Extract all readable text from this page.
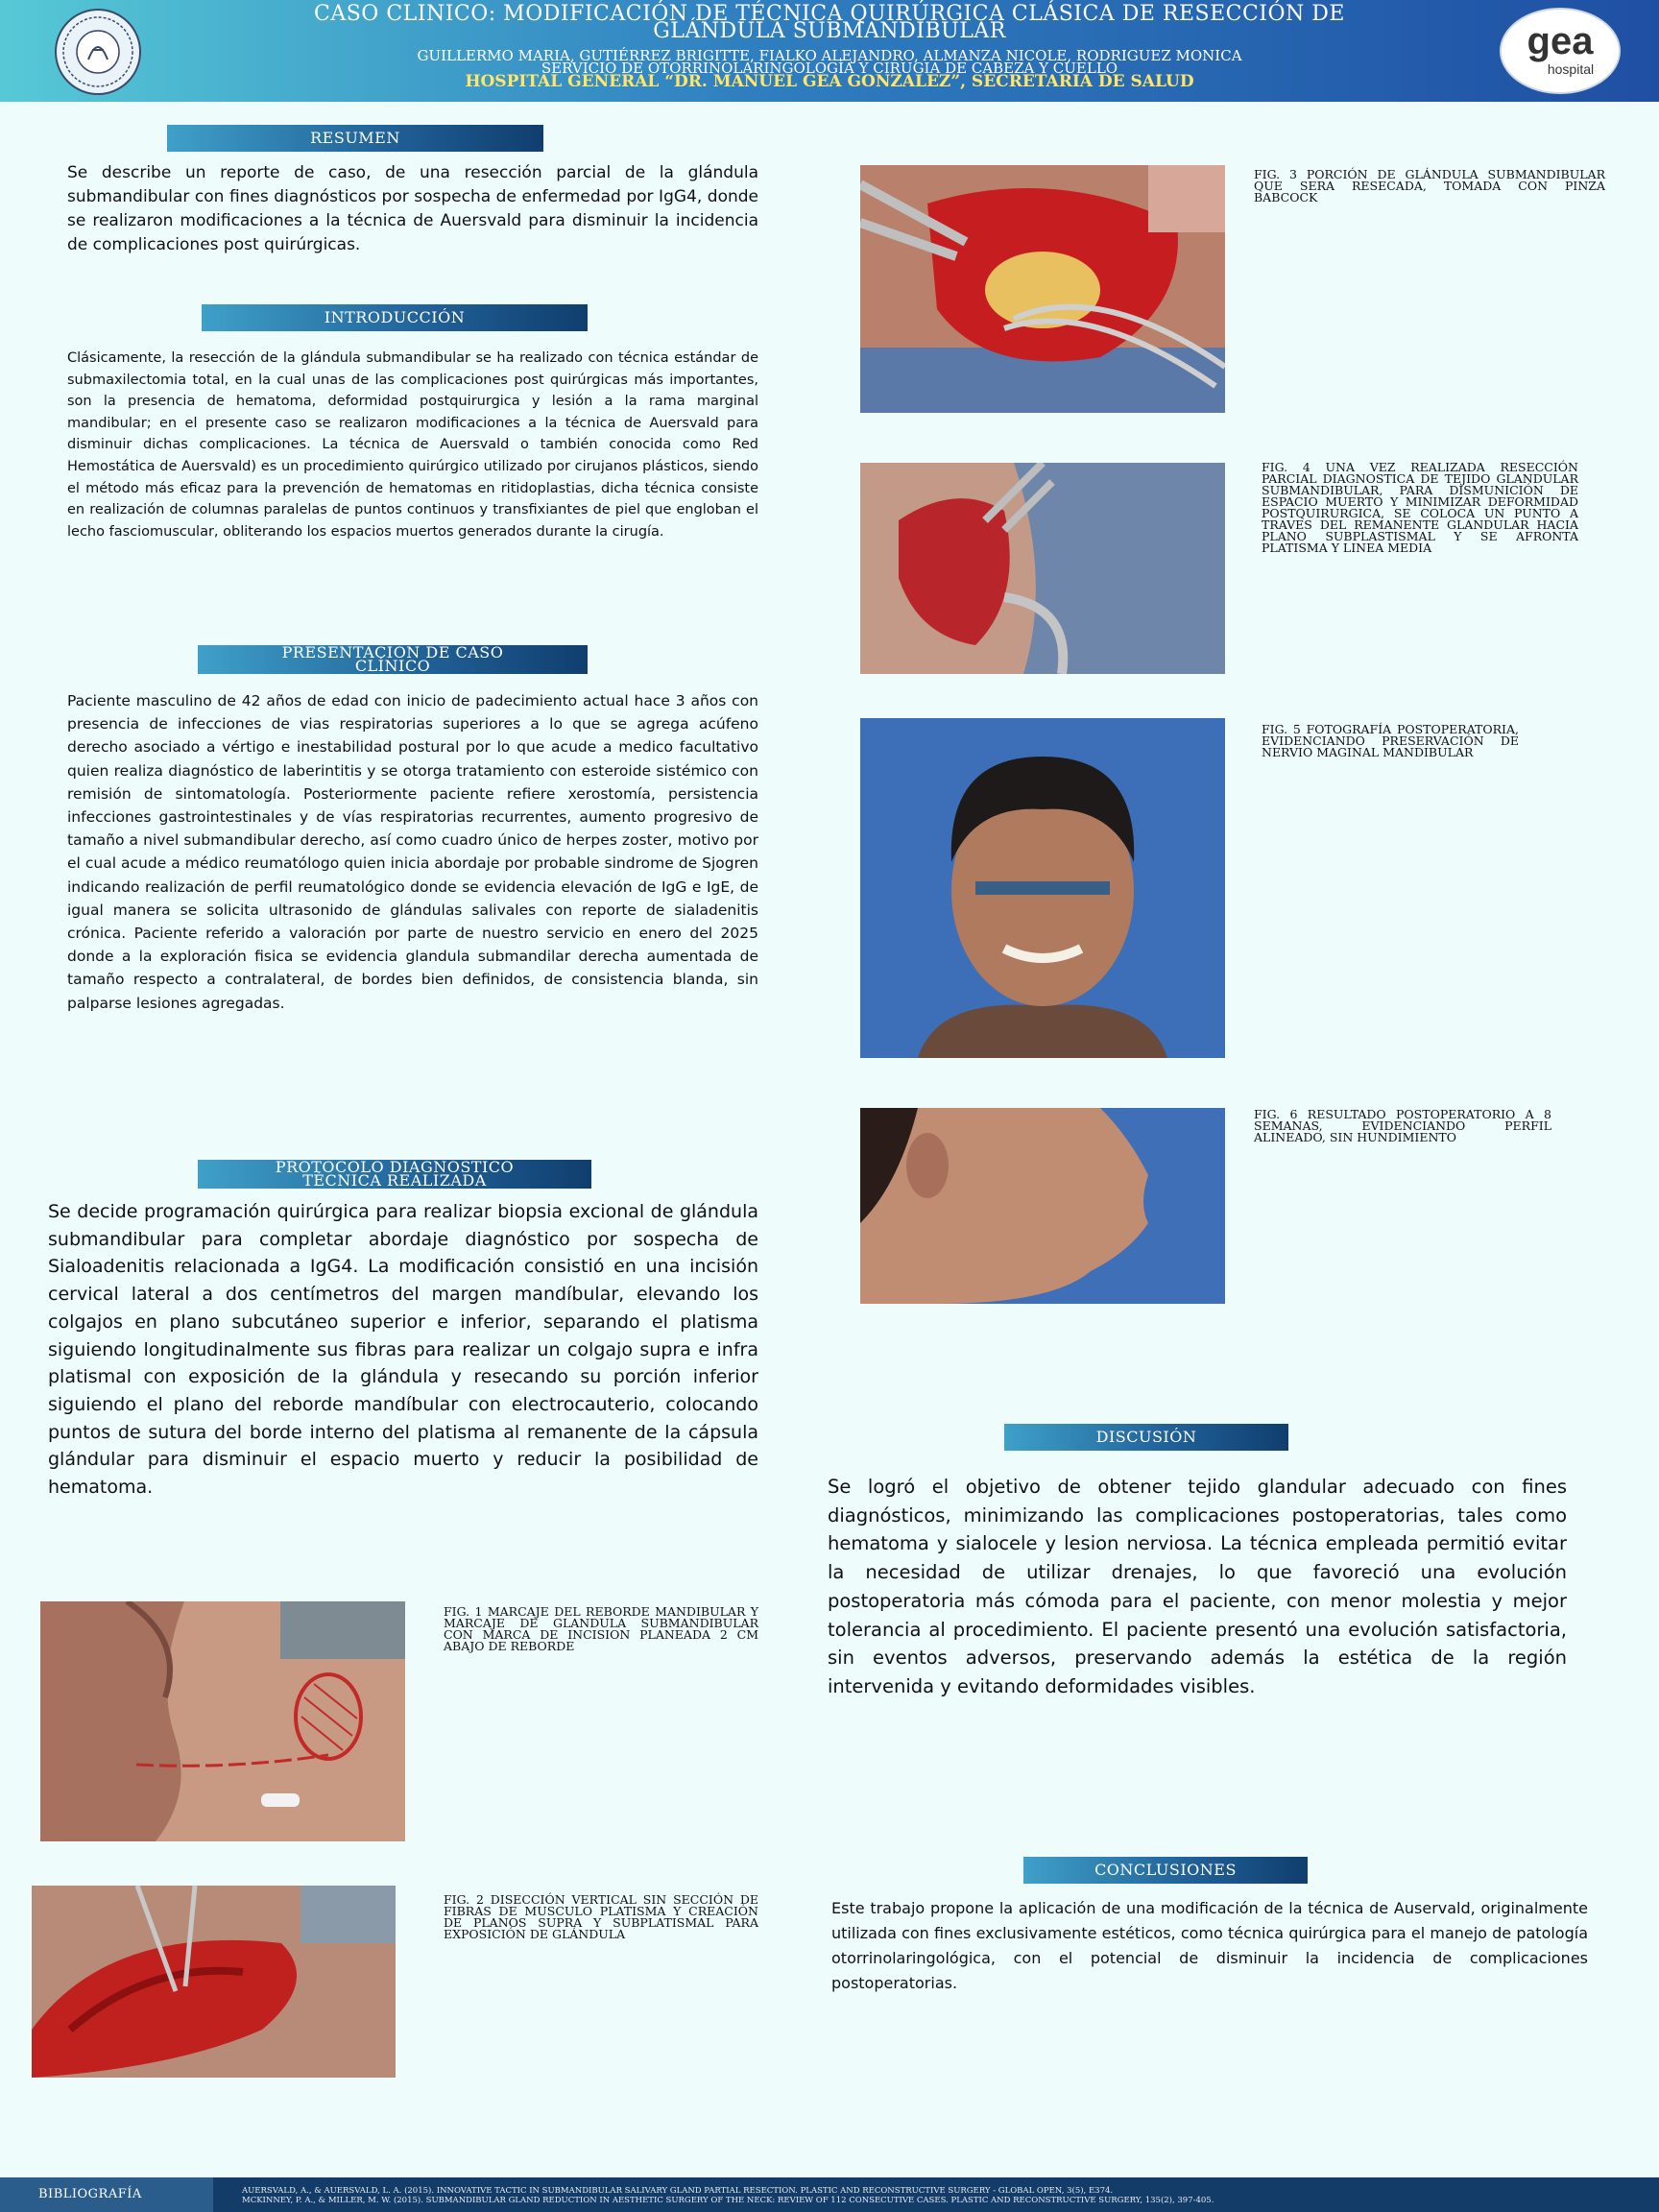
CASO CLINICO: MODIFICACIÓN DE TÉCNICA QUIRÚRGICA CLÁSICA DE RESECCIÓN DE
GLÁNDULA SUBMANDIBULAR
GUILLERMO MARIA, GUTIÉRREZ BRIGITTE, FIALKO ALEJANDRO, ALMANZA NICOLE, RODRIGUEZ MONICA
SERVICIO DE OTORRINOLARINGOLOGÍA Y CIRUGIA DE CABEZA Y CUELLO
HOSPITAL GENERAL “DR. MANUEL GEA GONZALEZ”, SECRETARIA DE SALUD
gea
hospital
RESUMEN
Se describe un reporte de caso, de una resección parcial de la glándula submandibular con fines diagnósticos por sospecha de enfermedad por IgG4, donde se realizaron modificaciones a la técnica de Auersvald para disminuir la incidencia de complicaciones post quirúrgicas.
INTRODUCCIÓN
Clásicamente, la resección de la glándula submandibular se ha realizado con técnica estándar de submaxilectomia total, en la cual unas de las complicaciones post quirúrgicas más importantes, son la presencia de hematoma, deformidad postquirurgica y lesión a la rama marginal mandibular; en el presente caso se realizaron modificaciones a la técnica de Auersvald para disminuir dichas complicaciones. La técnica de Auersvald o también conocida como Red Hemostática de Auersvald) es un procedimiento quirúrgico utilizado por cirujanos plásticos, siendo el método más eficaz para la prevención de hematomas en ritidoplastias, dicha técnica consiste en realización de columnas paralelas de puntos continuos y transfixiantes de piel que engloban el lecho fasciomuscular, obliterando los espacios muertos generados durante la cirugía.
PRESENTACIÓN DE CASO
CLÍNICO
Paciente masculino de 42 años de edad con inicio de padecimiento actual hace 3 años con presencia de infecciones de vias respiratorias superiores a lo que se agrega acúfeno derecho asociado a vértigo e inestabilidad postural por lo que acude a medico facultativo quien realiza diagnóstico de laberintitis y se otorga tratamiento con esteroide sistémico con remisión de sintomatología. Posteriormente paciente refiere xerostomía, persistencia infecciones gastrointestinales y de vías respiratorias recurrentes, aumento progresivo de tamaño a nivel submandibular derecho, así como cuadro único de herpes zoster, motivo por el cual acude a médico reumatólogo quien inicia abordaje por probable sindrome de Sjogren indicando realización de perfil reumatológico donde se evidencia elevación de IgG e IgE, de igual manera se solicita ultrasonido de glándulas salivales con reporte de sialadenitis crónica. Paciente referido a valoración por parte de nuestro servicio en enero del 2025 donde a la exploración fisica se evidencia glandula submandilar derecha aumentada de tamaño respecto a contralateral, de bordes bien definidos, de consistencia blanda, sin palparse lesiones agregadas.
PROTOCOLO DIAGNOSTICO
TÉCNICA REALIZADA
Se decide programación quirúrgica para realizar biopsia excional de glándula submandibular para completar abordaje diagnóstico por sospecha de Sialoadenitis relacionada a IgG4. La modificación consistió en una incisión cervical lateral a dos centímetros del margen mandíbular, elevando los colgajos en plano subcutáneo superior e inferior, separando el platisma siguiendo longitudinalmente sus fibras para realizar un colgajo supra e infra platismal con exposición de la glándula y resecando su porción inferior siguiendo el plano del reborde mandíbular con electrocauterio, colocando puntos de sutura del borde interno del platisma al remanente de la cápsula glándular para disminuir el espacio muerto y reducir la posibilidad de hematoma.
FIG. 1 MARCAJE DEL REBORDE MANDIBULAR Y MARCAJE DE GLANDULA SUBMANDIBULAR CON MARCA DE INCISION PLANEADA 2 CM ABAJO DE REBORDE
FIG. 2 DISECCIÓN VERTICAL SIN SECCIÓN DE FIBRAS DE MUSCULO PLATISMA Y CREACIÓN DE PLANOS SUPRA Y SUBPLATISMAL PARA EXPOSICIÓN DE GLÁNDULA
FIG. 3 PORCIÓN DE GLÁNDULA SUBMANDIBULAR QUE SERA RESECADA, TOMADA CON PINZA BABCOCK
FIG. 4 UNA VEZ REALIZADA RESECCIÓN PARCIAL DIAGNOSTICA DE TEJIDO GLANDULAR SUBMANDIBULAR, PARA DISMUNICIÓN DE ESPACIO MUERTO Y MINIMIZAR DEFORMIDAD POSTQUIRURGICA, SE COLOCA UN PUNTO A TRAVES DEL REMANENTE GLANDULAR HACIA PLANO SUBPLASTISMAL Y SE AFRONTA PLATISMA Y LINEA MEDIA
FIG. 5 FOTOGRAFÍA POSTOPERATORIA, EVIDENCIANDO PRESERVACIÓN DE NERVIO MAGINAL MANDIBULAR
FIG. 6 RESULTADO POSTOPERATORIO A 8 SEMANAS, EVIDENCIANDO PERFIL ALINEADO, SIN HUNDIMIENTO
DISCUSIÓN
Se logró el objetivo de obtener tejido glandular adecuado con fines diagnósticos, minimizando las complicaciones postoperatorias, tales como hematoma y sialocele y lesion nerviosa. La técnica empleada permitió evitar la necesidad de utilizar drenajes, lo que favoreció una evolución postoperatoria más cómoda para el paciente, con menor molestia y mejor tolerancia al procedimiento. El paciente presentó una evolución satisfactoria, sin eventos adversos, preservando además la estética de la región intervenida y evitando deformidades visibles.
CONCLUSIONES
Este trabajo propone la aplicación de una modificación de la técnica de Auservald, originalmente utilizada con fines exclusivamente estéticos, como técnica quirúrgica para el manejo de patología otorrinolaringológica, con el potencial de disminuir la incidencia de complicaciones postoperatorias.
BIBLIOGRAFÍA	AUERSVALD, A., & AUERSVALD, L. A. (2015). INNOVATIVE TACTIC IN SUBMANDIBULAR SALIVARY GLAND PARTIAL RESECTION. PLASTIC AND RECONSTRUCTIVE SURGERY - GLOBAL OPEN, 3(5), E374.
MCKINNEY, P. A., & MILLER, M. W. (2015). SUBMANDIBULAR GLAND REDUCTION IN AESTHETIC SURGERY OF THE NECK: REVIEW OF 112 CONSECUTIVE CASES. PLASTIC AND RECONSTRUCTIVE SURGERY, 135(2), 397-405.
